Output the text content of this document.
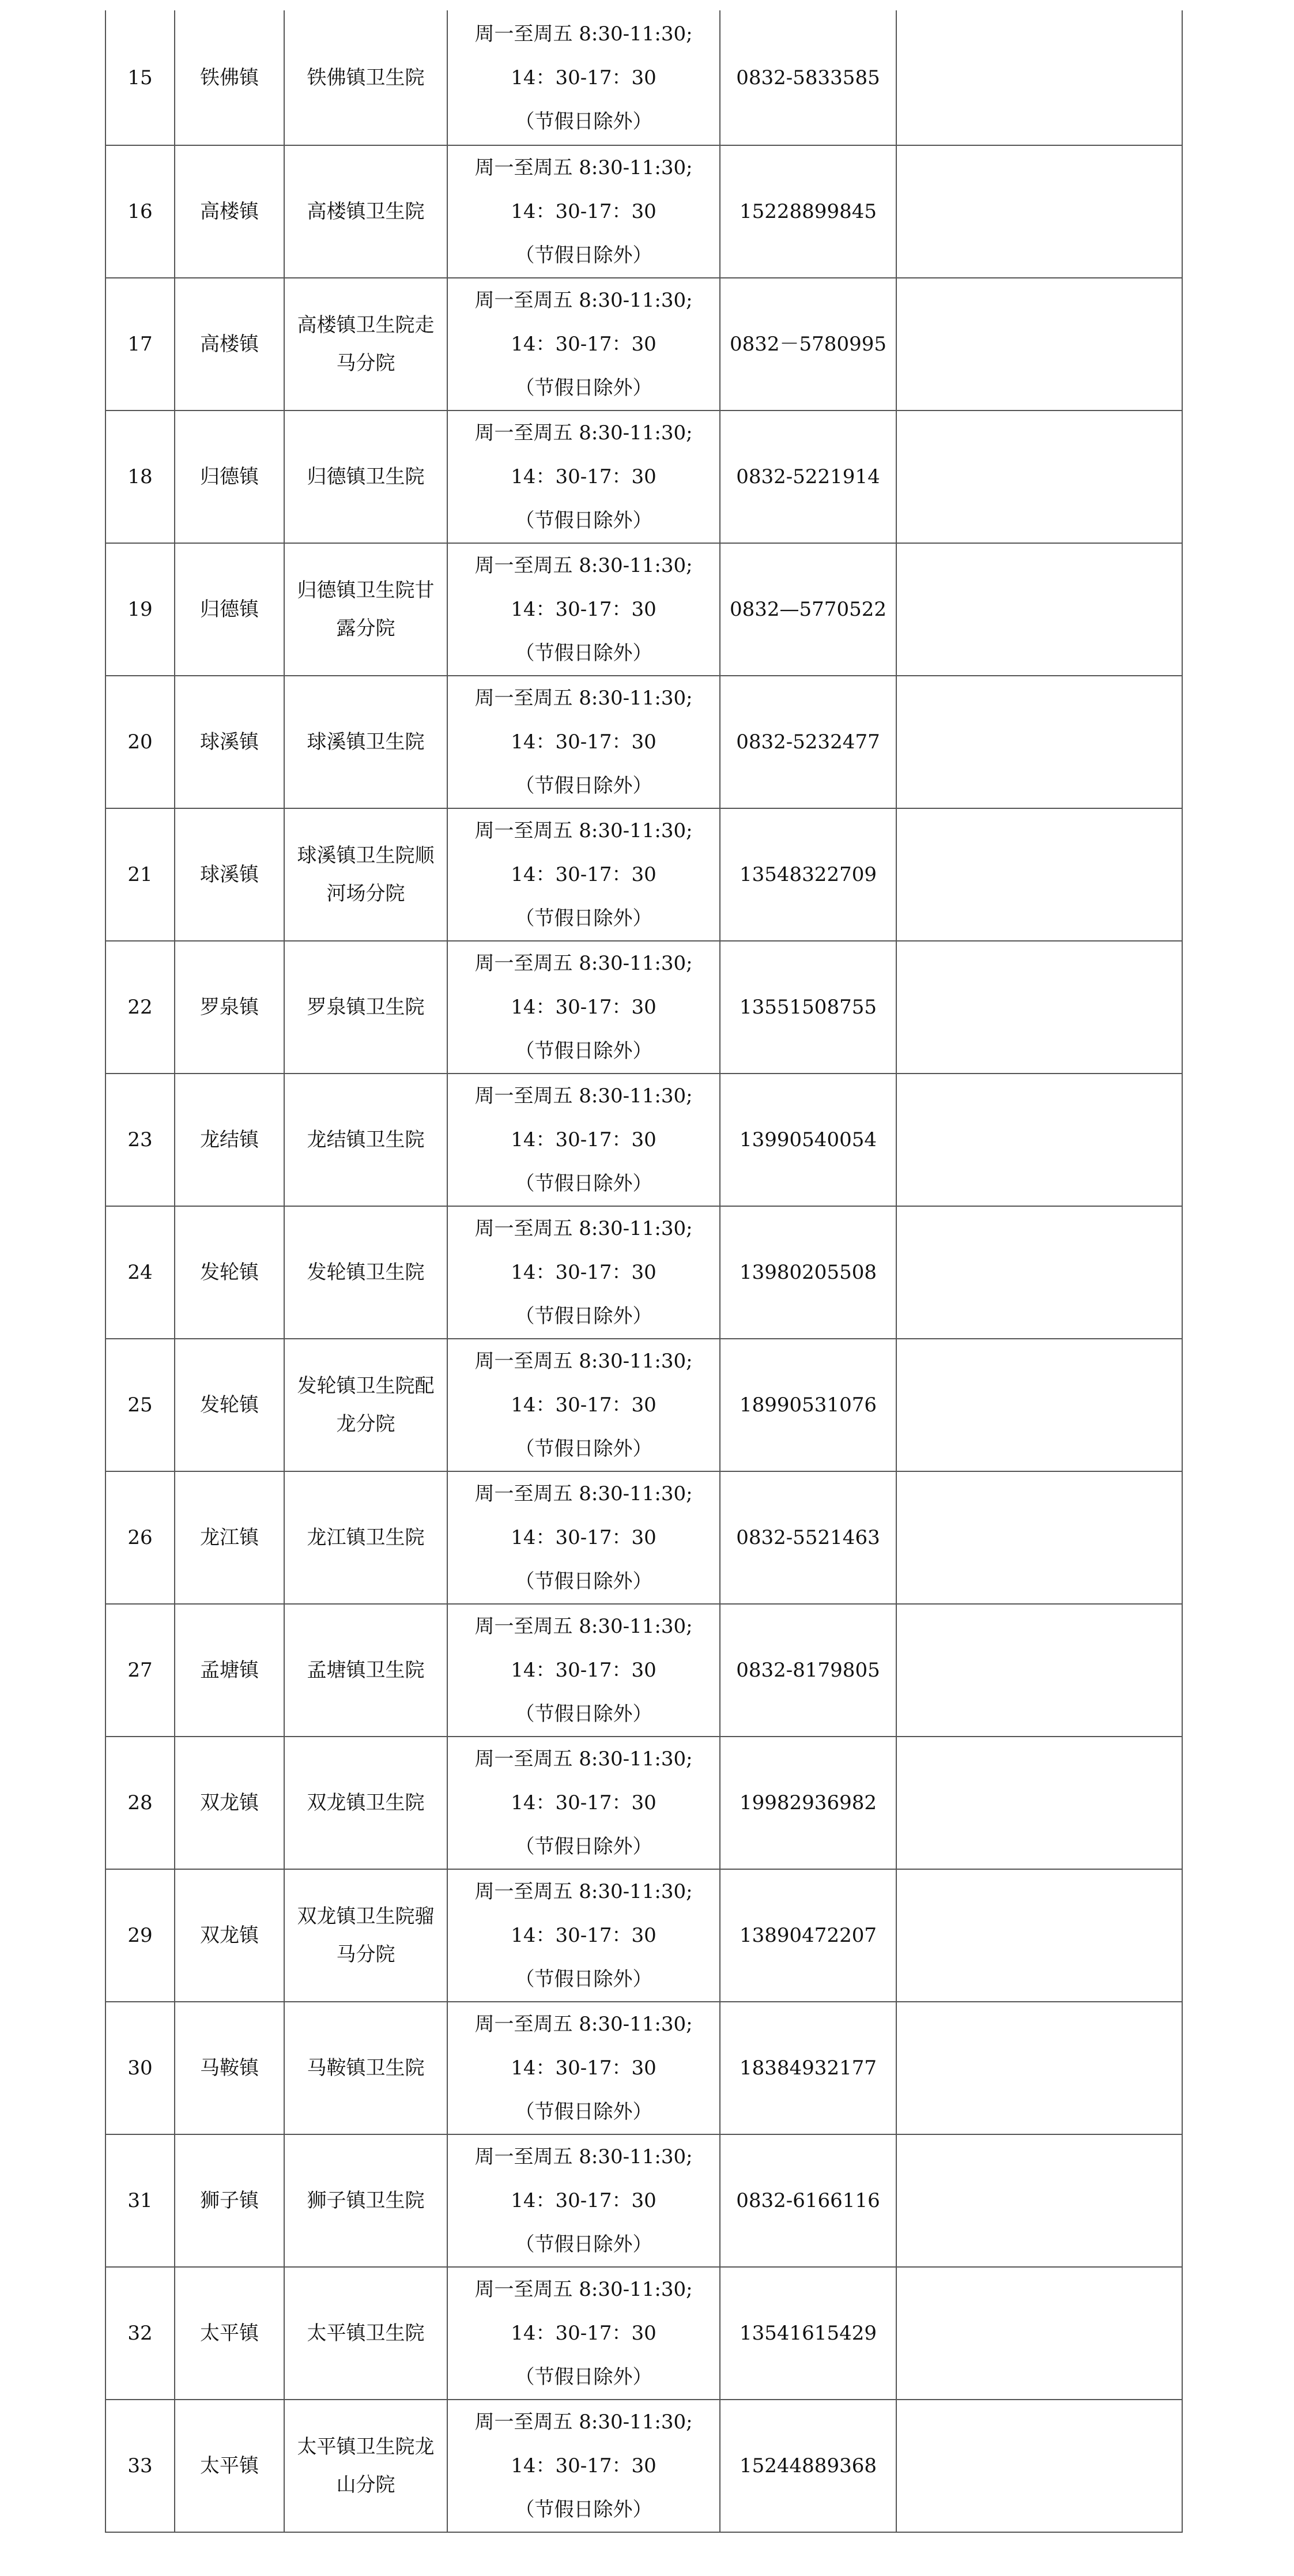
15	铁佛镇	铁佛镇卫生院	周一至周五 8:30-11:30;
14：30-17：30
（节假日除外）	0832-5833585	
16	高楼镇	高楼镇卫生院	周一至周五 8:30-11:30;
14：30-17：30
（节假日除外）	15228899845	
17	高楼镇	高楼镇卫生院走马分院	周一至周五 8:30-11:30;
14：30-17：30
（节假日除外）	0832－5780995	
18	归德镇	归德镇卫生院	周一至周五 8:30-11:30;
14：30-17：30
（节假日除外）	0832-5221914	
19	归德镇	归德镇卫生院甘露分院	周一至周五 8:30-11:30;
14：30-17：30
（节假日除外）	0832—5770522	
20	球溪镇	球溪镇卫生院	周一至周五 8:30-11:30;
14：30-17：30
（节假日除外）	0832-5232477	
21	球溪镇	球溪镇卫生院顺河场分院	周一至周五 8:30-11:30;
14：30-17：30
（节假日除外）	13548322709	
22	罗泉镇	罗泉镇卫生院	周一至周五 8:30-11:30;
14：30-17：30
（节假日除外）	13551508755	
23	龙结镇	龙结镇卫生院	周一至周五 8:30-11:30;
14：30-17：30
（节假日除外）	13990540054	
24	发轮镇	发轮镇卫生院	周一至周五 8:30-11:30;
14：30-17：30
（节假日除外）	13980205508	
25	发轮镇	发轮镇卫生院配龙分院	周一至周五 8:30-11:30;
14：30-17：30
（节假日除外）	18990531076	
26	龙江镇	龙江镇卫生院	周一至周五 8:30-11:30;
14：30-17：30
（节假日除外）	0832-5521463	
27	孟塘镇	孟塘镇卫生院	周一至周五 8:30-11:30;
14：30-17：30
（节假日除外）	0832-8179805	
28	双龙镇	双龙镇卫生院	周一至周五 8:30-11:30;
14：30-17：30
（节假日除外）	19982936982	
29	双龙镇	双龙镇卫生院骝马分院	周一至周五 8:30-11:30;
14：30-17：30
（节假日除外）	13890472207	
30	马鞍镇	马鞍镇卫生院	周一至周五 8:30-11:30;
14：30-17：30
（节假日除外）	18384932177	
31	狮子镇	狮子镇卫生院	周一至周五 8:30-11:30;
14：30-17：30
（节假日除外）	0832-6166116	
32	太平镇	太平镇卫生院	周一至周五 8:30-11:30;
14：30-17：30
（节假日除外）	13541615429	
33	太平镇	太平镇卫生院龙山分院	周一至周五 8:30-11:30;
14：30-17：30
（节假日除外）	15244889368	
